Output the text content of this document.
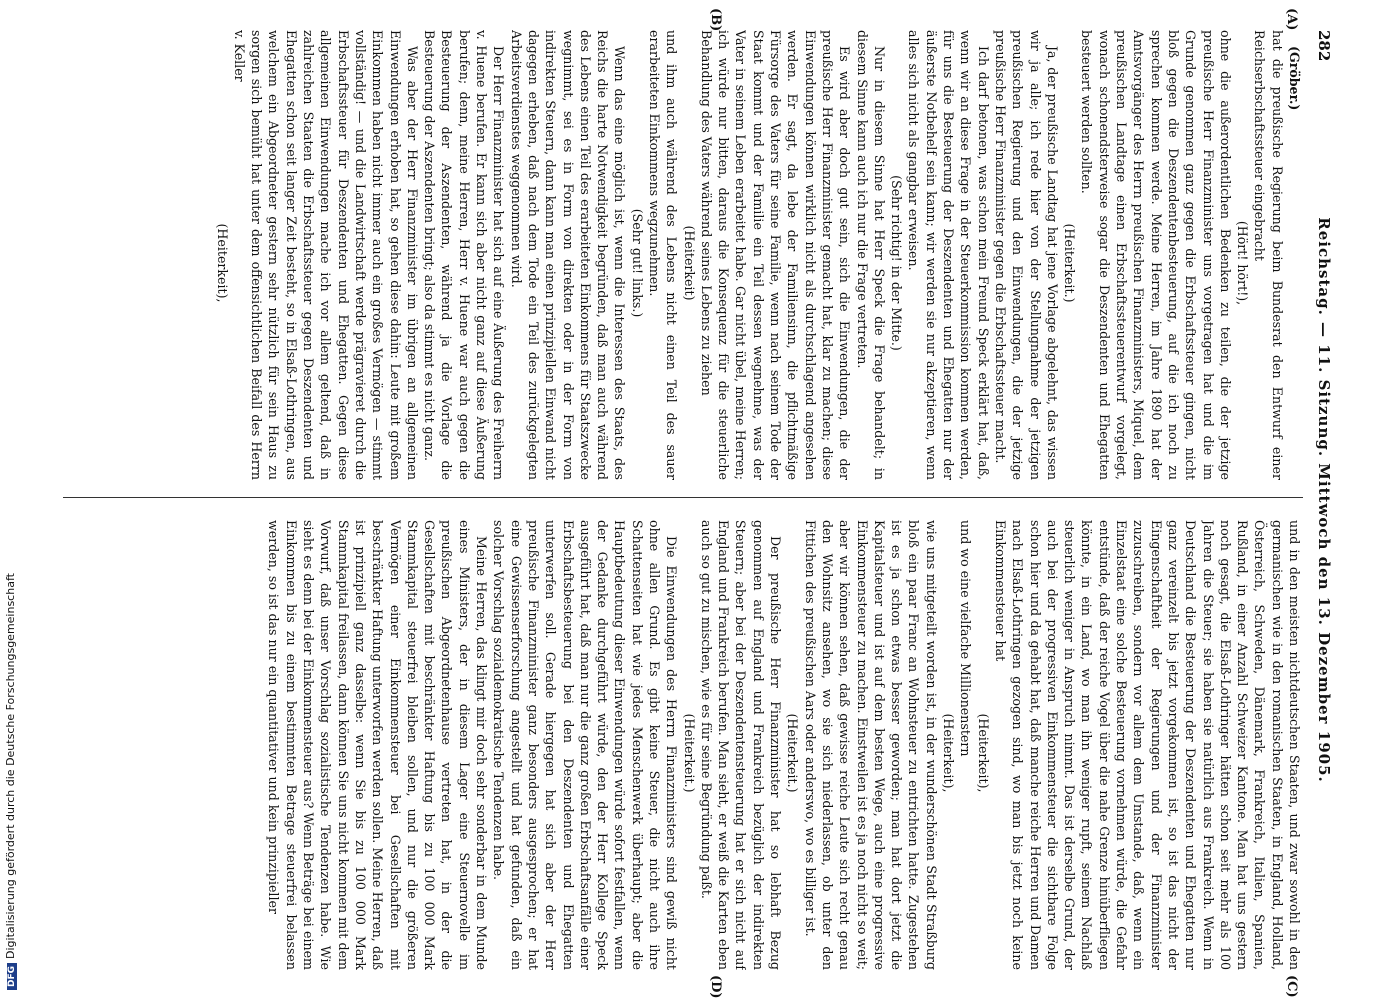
282
Reichstag. — 11. Sitzung. Mittwoch den 13. Dezember 1905.
(A)
(B)
(C)
(D)

(Gröber.)

hat die preußische Regierung beim Bundesrat den Entwurf einer Reichserbschaftssteuer eingebracht

(Hört! hört!),

ohne die außerordentlichen Bedenken zu teilen, die der jetzige preußische Herr Finanzminister uns vorgetragen hat und die im Grunde genommen ganz gegen die Erbschaftssteuer gingen, nicht bloß gegen die Deszendentenbesteuerung, auf die ich noch zu sprechen kommen werde. Meine Herren, im Jahre 1890 hat der Amtsvorgänger des Herrn preußischen Finanzministers, Miquel, dem preußischen Landtage einen Erbschaftssteuerentwurf vorgelegt, wonach schonendsterweise sogar die Deszendenten und Ehegatten besteuert werden sollten.

(Heiterkeit.)

Ja, der preußische Landtag hat jene Vorlage abgelehnt, das wissen wir ja alle; ich rede hier von der Stellungnahme der jetzigen preußischen Regierung und den Einwendungen, die der jetzige preußische Herr Finanzminister gegen die Erbschaftssteuer macht.

Ich darf betonen, was schon mein Freund Speck erklärt hat, daß, wenn wir an diese Frage in der Steuerkommission kommen werden, für uns die Besteuerung der Deszendenten und Ehegatten nur der äußerste Notbehelf sein kann; wir werden sie nur akzeptieren, wenn alles sich nicht als gangbar erweisen.

(Sehr richtig! in der Mitte.)

Nur in diesem Sinne hat Herr Speck die Frage behandelt; in diesem Sinne kann auch ich nur die Frage vertreten.

Es wird aber doch gut sein, sich die Einwendungen, die der preußische Herr Finanzminister gemacht hat, klar zu machen; diese Einwendungen können wirklich nicht als durchschlagend angesehen werden. Er sagt, da lebe der Familiensinn, die pflichtmäßige Fürsorge des Vaters für seine Familie, wenn nach seinem Tode der Staat kommt und der Familie ein Teil dessen wegnehme, was der Vater in seinem Leben erarbeitet habe. Gar nicht übel, meine Herren; ich würde nur bitten, daraus die Konsequenz für die steuerliche Behandlung des Vaters während seines Lebens zu ziehen

(Heiterkeit)

und ihm auch während des Lebens nicht einen Teil des sauer erarbeiteten Einkommens wegzunehmen.

(Sehr gut! links.)

Wenn das eine möglich ist, wenn die Interessen des Staats, des Reichs die harte Notwendigkeit begründen, daß man auch während des Lebens einen Teil des erarbeiteten Einkommens für Staatszwecke wegnimmt, sei es in Form von direkten oder in der Form von indirekten Steuern, dann kann man einen prinzipiellen Einwand nicht dagegen erheben, daß nach dem Tode ein Teil des zurückgelegten Arbeitsverdienstes weggenommen wird.

Der Herr Finanzminister hat sich auf eine Äußerung des Freiherrn v. Huene berufen. Er kann sich aber nicht ganz auf diese Äußerung berufen; denn, meine Herren, Herr v. Huene war auch gegen die Besteuerung der Aszendenten, während ja die Vorlage die Besteuerung der Aszendenten bringt; also da stimmt es nicht ganz.

Was aber der Herr Finanzminister im übrigen an allgemeinen Einwendungen erhoben hat, so gehen diese dahin: Leute mit großem Einkommen haben nicht immer auch ein großes Vermögen — stimmt vollständig! — und die Landwirtschaft werde prägravieret durch die Erbschaftssteuer für Deszendenten und Ehegatten. Gegen diese allgemeinen Einwendungen mache ich vor allem geltend, daß in zahlreichen Staaten die Erbschaftssteuer gegen Deszendenten und Ehegatten schon seit langer Zeit besteht, so in Elsaß-Lothringen, aus welchem ein Abgeordneter gestern sehr nützlich für sein Haus zu sorgen sich bemüht hat unter dem offensichtlichen Beifall des Herrn v. Keller

(Heiterkeit),

und in den meisten nichtdeutschen Staaten, und zwar sowohl in den germanischen wie in den romanischen Staaten, in England, Holland, Österreich, Schweden, Dänemark, Frankreich, Italien, Spanien, Rußland, in einer Anzahl Schweizer Kantone. Man hat uns gestern noch gesagt, die Elsaß-Lothringer hätten schon seit mehr als 100 Jahren die Steuer; sie haben sie natürlich aus Frankreich. Wenn in Deutschland die Besteuerung der Deszendenten und Ehegatten nur ganz vereinzelt bis jetzt vorgekommen ist, so ist das nicht der Eingenschaftheit der Regierungen und der Finanzminister zuzuschreiben, sondern vor allem dem Umstande, daß, wenn ein Einzelstaat eine solche Besteuerung vornehmen würde, die Gefahr entstünde, daß der reiche Vogel über die nahe Grenze hinüberfliegen könnte, in ein Land, wo man ihn weniger rupft, seinem Nachlaß steuerlich weniger in Anspruch nimmt. Das ist derselbe Grund, der auch bei der progressiven Einkommensteuer die sichtbare Folge schon hier und da gehabt hat, daß manche reiche Herren und Damen nach Elsaß-Lothringen gezogen sind, wo man bis jetzt noch keine Einkommensteuer hat

(Heiterkeit),

und wo eine vielfache Millionenstern

(Heiterkeit),

wie uns mitgeteilt worden ist, in der wunderschönen Stadt Straßburg bloß ein paar Franc an Wohnsteuer zu entrichten hatte. Zugestehen ist es ja schon etwas besser geworden; man hat dort jetzt die Kapitalsteuer und ist auf dem besten Wege, auch eine progressive Einkommensteuer zu machen. Einstweilen ist es ja noch nicht so weit; aber wir können sehen, daß gewisse reiche Leute sich recht genau den Wohnsitz ansehen, wo sie sich niederlassen, ob unter den Fittichen des preußischen Aars oder anderswo, wo es billiger ist.

(Heiterkeit.)

Der preußische Herr Finanzminister hat so lebhaft Bezug genommen auf England und Frankreich bezüglich der indirekten Steuern; aber bei der Deszendentensteuerung hat er sich nicht auf England und Frankreich berufen. Man sieht, er weiß die Karten eben auch so gut zu mischen, wie es für seine Begründung paßt.

(Heiterkeit.)

Die Einwendungen des Herrn Finanzministers sind gewiß nicht ohne allen Grund. Es gibt keine Steuer, die nicht auch ihre Schattenseiten hat wie jedes Menschenwerk überhaupt; aber die Hauptbedeutung dieser Einwendungen würde sofort festfallen, wenn der Gedanke durchgeführt würde, den der Herr Kollege Speck ausgeführt hat, daß man nur die ganz großen Erbschaftsanfälle einer Erbschaftsbesteuerung bei den Deszendenten und Ehegatten unterwerfen soll. Gerade hiergegen hat sich aber der Herr preußische Finanzminister ganz besonders ausgesprochen; er hat eine Gewissenserforschung angestellt und hat gefunden, daß ein solcher Vorschlag sozialdemokratische Tendenzen habe.

Meine Herren, das klingt mir doch sehr sonderbar in dem Munde eines Ministers, der in diesem Lager eine Steuernovelle im preußischen Abgeordnetenhause vertreten hat, in der die Gesellschaften mit beschränkter Haftung bis zu 100 000 Mark Stammkapital steuerfrei bleiben sollen, und nur die größeren Vermögen einer Einkommensteuer bei Gesellschaften mit beschränkter Haftung unterworfen werden sollen. Meine Herren, daß ist prinzipiell ganz dasselbe: wenn Sie bis zu 100 000 Mark Stammkapital freilassen, dann können Sie uns nicht kommen mit dem Vorwurf, daß unser Vorschlag sozialistische Tendenzen habe. Wie sieht es denn bei der Einkommensteuer aus? Wenn Beträge bei einem Einkommen bis zu einem bestimmten Betrage steuerfrei belassen werden, so ist das nur ein quantitativer und kein prinzipieller

DFGDigitalisierung gefördert durch die Deutsche Forschungsgemeinschaft
